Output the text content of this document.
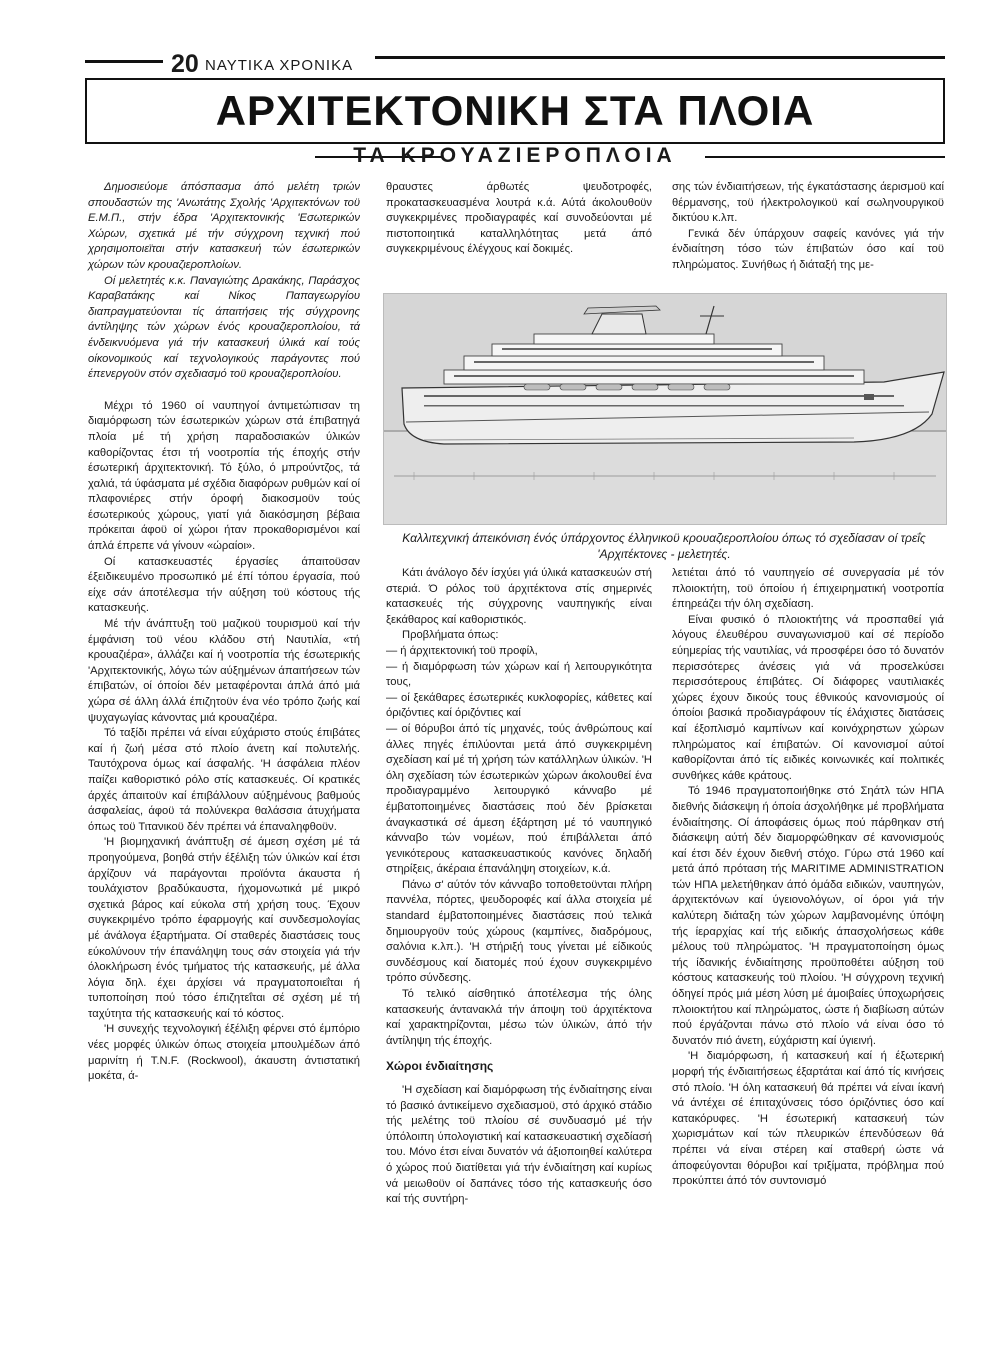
20 ΝΑΥΤΙΚΑ ΧΡΟΝΙΚΑ
ΑΡΧΙΤΕΚΤΟΝΙΚΗ ΣΤΑ ΠΛΟΙΑ
ΤΑ ΚΡΟΥΑΖΙΕΡΟΠΛΟΙΑ

Δημοσιεύομε άπόσπασμα άπό μελέτη τριών σπουδαστών της 'Ανωτάτης Σχολής 'Αρχιτεκτόνων τοϋ Ε.Μ.Π., στήν έδρα 'Αρχιτεκτονικής 'Εσωτερικών Χώρων, σχετικά μέ τήν σύγχρονη τεχνική πού χρησιμοποιεϊται στήν κατασκευή τών έσωτερικών χώρων τών κρουαζιεροπλοίων.

Οί μελετητές κ.κ. Παναγιώτης Δρακάκης, Παράσχος Καραβατάκης καί Νίκος Παπαγεωργίου διαπραγματεύονται τίς άπαιτήσεις τής σύγχρονης άντίληψης τών χώρων ένός κρουαζιεροπλοίου, τά ένδεικνυόμενα γιά τήν κατασκευή ύλικά καί τούς οίκονομικούς καί τεχνολογικούς παράγοντες πού έπενεργοϋν στόν σχεδιασμό τοϋ κρουαζιεροπλοίου.

Μέχρι τό 1960 οί ναυπηγοί άντιμετώπισαν τη διαμόρφωση τών έσωτερικών χώρων στά έπιβατηγά πλοία μέ τή χρήση παραδοσιακών ύλικών καθορίζοντας έτσι τή νοοτροπία τής έποχής στήν έσωτερική άρχιτεκτονική. Τό ξύλο, ό μπρούντζος, τά χαλιά, τά ύφάσματα μέ σχέδια διαφόρων ρυθμών καί οί πλαφονιέρες στήν όροφή διακοσμοϋν τούς έσωτερικούς χώρους, γιατί γιά διακόσμηση βέβαια πρόκειται άφοϋ οί χώροι ήταν προκαθορισμένοι καί άπλά έπρεπε νά γίνουν «ώραίοι».

Οί κατασκευαστές έργασίες άπαιτοϋσαν έξειδικευμένο προσωπικό μέ έπί τόπου έργασία, πού είχε σάν άποτέλεσμα τήν αύξηση τοϋ κόστους τής κατασκευής.

Μέ τήν άνάπτυξη τοϋ μαζικοϋ τουρισμοϋ καί τήν έμφάνιση τοϋ νέου κλάδου στή Ναυτιλία, «τή κρουαζιέρα», άλλάζει καί ή νοοτροπία τής έσωτερικής 'Αρχιτεκτονικής, λόγω τών αύξημένων άπαιτήσεων τών έπιβατών, οί όποίοι δέν μεταφέρονται άπλά άπό μιά χώρα σέ άλλη άλλά έπιζητοϋν ένα νέο τρόπο ζωής καί ψυχαγωγίας κάνοντας μιά κρουαζιέρα.

Τό ταξίδι πρέπει νά είναι εύχάριστο στούς έπιβάτες καί ή ζωή μέσα στό πλοίο άνετη καί πολυτελής. Ταυτόχρονα όμως καί άσφαλής. 'Η άσφάλεια πλέον παίζει καθοριστικό ρόλο στίς κατασκευές. Οί κρατικές άρχές άπαιτοϋν καί έπιβάλλουν αύξημένους βαθμούς άσφαλείας, άφοϋ τά πολύνεκρα θαλάσσια άτυχήματα όπως τοϋ Τιτανικοϋ δέν πρέπει νά έπαναληφθοϋν.

'Η βιομηχανική άνάπτυξη σέ άμεση σχέση μέ τά προηγούμενα, βοηθά στήν έξέλιξη τών ύλικών καί έτσι άρχίζουν νά παράγονται προϊόντα άκαυστα ή τουλάχιστον βραδύκαυστα, ήχομονωτικά μέ μικρό σχετικά βάρος καί εύκολα στή χρήση τους. Έχουν συγκεκριμένο τρόπο έφαρμογής καί συνδεσμολογίας μέ άνάλογα έξαρτήματα. Οί σταθερές διαστάσεις τους εύκολύνουν τήν έπανάληψη τους σάν στοιχεία γιά τήν όλοκλήρωση ένός τμήματος τής κατασκευής, μέ άλλα λόγια δηλ. έχει άρχίσει νά πραγματοποιεΐται ή τυποποίηση πού τόσο έπιζητεΐται σέ σχέση μέ τή ταχύτητα τής κατασκευής καί τό κόστος.

'Η συνεχής τεχνολογική έξέλιξη φέρνει στό έμπόριο νέες μορφές ύλικών όπως στοιχεία μπουλμέδων άπό μαρινίτη ή T.N.F. (Rockwool), άκαυστη άντιστατική μοκέτα, ά-

θραυστες άρθωτές ψευδοτροφές, προκατασκευασμένα λουτρά κ.ά. Αύτά άκολουθοϋν συγκεκριμένες προδιαγραφές καί συνοδεύονται μέ πιστοποιητικά καταλληλότητας μετά άπό συγκεκριμένους έλέγχους καί δοκιμές.

σης τών ένδιαιτήσεων, τής έγκατάστασης άερισμοϋ καί θέρμανσης, τοϋ ήλεκτρολογικοϋ καί σωληνουργικοϋ δικτύου κ.λπ.

Γενικά δέν ύπάρχουν σαφείς κανόνες γιά τήν ένδιαίτηση τόσο τών έπιβατών όσο καί τοϋ πληρώματος. Συνήθως ή διάταξή της με-

Καλλιτεχνική άπεικόνιση ένός ύπάρχοντος έλληνικοϋ κρουαζιεροπλοίου όπως τό σχεδίασαν οί τρεΐς 'Αρχιτέκτονες - μελετητές.

Κάτι άνάλογο δέν ίσχύει γιά ύλικά κατασκευών στή στεριά. Ό ρόλος τοϋ άρχιτέκτονα στίς σημερινές κατασκευές τής σύγχρονης ναυπηγικής είναι ξεκάθαρος καί καθοριστικός.

Προβλήματα όπως:

— ή άρχιτεκτονική τοϋ προφίλ,

— ή διαμόρφωση τών χώρων καί ή λειτουργικότητα τους,

— οί ξεκάθαρες έσωτερικές κυκλοφορίες, κάθετες καί όριζόντιες καί όριζόντιες καί

— οί θόρυβοι άπό τίς μηχανές, τούς άνθρώπους καί άλλες πηγές έπιλύονται μετά άπό συγκεκριμένη σχεδίαση καί μέ τή χρήση τών κατάλληλων ύλικών. 'Η όλη σχεδίαση τών έσωτερικών χώρων άκολουθεί ένα προδιαγραμμένο λειτουργικό κάνναβο μέ έμβατοποιημένες διαστάσεις πού δέν βρίσκεται άναγκαστικά σέ άμεση έξάρτηση μέ τό ναυπηγικό κάνναβο τών νομέων, πού έπιβάλλεται άπό γενικότερους κατασκευαστικούς κανόνες δηλαδή στηρίξεις, άκέραια έπανάληψη στοιχείων, κ.ά.

Πάνω σ' αύτόν τόν κάνναβο τοποθετοϋνται πλήρη παννέλα, πόρτες, ψευδοροφές καί άλλα στοιχεία μέ standard έμβατοποιημένες διαστάσεις πού τελικά δημιουργοϋν τούς χώρους (καμπίνες, διαδρόμους, σαλόνια κ.λπ.). 'Η στήριξή τους γίνεται μέ είδικούς συνδέσμους καί διατομές πού έχουν συγκεκριμένο τρόπο σύνδεσης.

Τό τελικό αίσθητικό άποτέλεσμα τής όλης κατασκευής άντανακλά τήν άποψη τοϋ άρχιτέκτονα καί χαρακτηρίζονται, μέσω τών ύλικών, άπό τήν άντίληψη τής έποχής.

Χώροι ένδιαίτησης

'Η σχεδίαση καί διαμόρφωση τής ένδιαίτησης είναι τό βασικό άντικείμενο σχεδιασμοϋ, στό άρχικό στάδιο τής μελέτης τοϋ πλοίου σέ συνδυασμό μέ τήν ύπόλοιπη ύπολογιστική καί κατασκευαστική σχεδίασή του. Μόνο έτσι είναι δυνατόν νά άξιοποιηθεί καλύτερα ό χώρος πού διατίθεται γιά τήν ένδιαίτηση καί κυρίως νά μειωθοϋν οί δαπάνες τόσο τής κατασκευής όσο καί τής συντήρη-

λετιέται άπό τό ναυπηγείο σέ συνεργασία μέ τόν πλοιοκτήτη, τοϋ όποίου ή έπιχειρηματική νοοτροπία έπηρεάζει τήν όλη σχεδίαση.

Είναι φυσικό ό πλοιοκτήτης νά προσπαθεί γιά λόγους έλευθέρου συναγωνισμοϋ καί σέ περίοδο εύημερίας τής ναυτιλίας, νά προσφέρει όσο τό δυνατόν περισσότερες άνέσεις γιά νά προσελκύσει περισσότερους έπιβάτες. Οί διάφορες ναυτιλιακές χώρες έχουν δικούς τους έθνικούς κανονισμούς οί όποίοι βασικά προδιαγράφουν τίς έλάχιστες διατάσεις καί έξοπλισμό καμπίνων καί κοινόχρηστων χώρων πληρώματος καί έπιβατών. Οί κανονισμοί αύτοί καθορίζονται άπό τίς ειδικές κοινωνικές καί πολιτικές συνθήκες κάθε κράτους.

Τό 1946 πραγματοποιήθηκε στό Σηάτλ τών ΗΠΑ διεθνής διάσκεψη ή όποία άσχολήθηκε μέ προβλήματα ένδιαίτησης. Οί άποφάσεις όμως πού πάρθηκαν στή διάσκεψη αύτή δέν διαμορφώθηκαν σέ κανονισμούς καί έτσι δέν έχουν διεθνή στόχο. Γύρω στά 1960 καί μετά άπό πρόταση τής MARITIME ADMINISTRATION τών ΗΠΑ μελετήθηκαν άπό όμάδα ειδικών, ναυπηγών, άρχιτεκτόνων καί ύγειονολόγων, οί όροι γιά τήν καλύτερη διάταξη τών χώρων λαμβανομένης ύπόψη τής ίεραρχίας καί τής ειδικής άπασχολήσεως κάθε μέλους τοϋ πληρώματος. 'Η πραγματοποίηση όμως τής ίδανικής ένδιαίτησης προϋποθέτει αύξηση τοϋ κόστους κατασκευής τοϋ πλοίου. 'Η σύγχρονη τεχνική όδηγεί πρός μιά μέση λύση μέ άμοιβαίες ύποχωρήσεις πλοιοκτήτου καί πληρώματος, ώστε ή διαβίωση αύτών πού έργάζονται πάνω στό πλοίο νά είναι όσο τό δυνατόν πιό άνετη, εύχάριστη καί ύγιεινή.

'Η διαμόρφωση, ή κατασκευή καί ή έξωτερική μορφή τής ένδιαιτήσεως έξαρτάται καί άπό τίς κινήσεις στό πλοίο. 'Η όλη κατασκευή θά πρέπει νά είναι ίκανή νά άντέχει σέ έπιταχύνσεις τόσο όριζόντιες όσο καί κατακόρυφες. 'Η έσωτερική κατασκευή τών χωρισμάτων καί τών πλευρικών έπενδύσεων θά πρέπει νά είναι στέρεη καί σταθερή ώστε νά άποφεύγονται θόρυβοι καί τριξίματα, πρόβλημα πού προκύπτει άπό τόν συντονισμό
